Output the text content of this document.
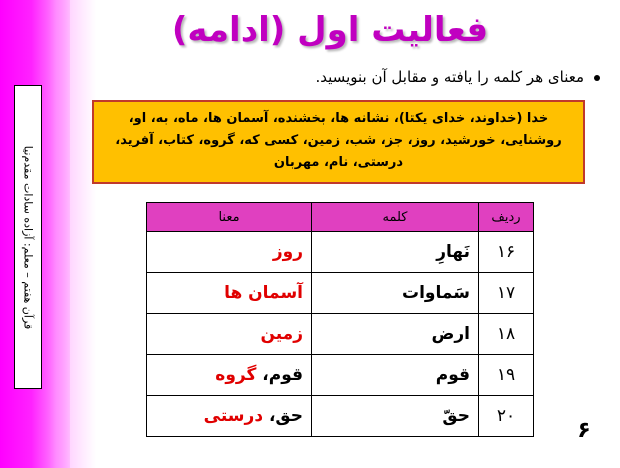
قرآن هفتم – معلم: آزاده سادات مقدم‌نیا
فعالیت اول (ادامه)
معنای هر کلمه را یافته و مقابل آن بنویسید.

خدا (خداوند، خدای یکتا)، نشانه ها، بخشنده، آسمان ها، ماه، به، او، روشنایی، خورشید، روز، جز، شب، زمین، کسی که، گروه، کتاب، آفرید، درستی، نام، مهربان

ردیف	کلمه	معنا
۱۶	نَهارِ	روز
۱۷	سَماوات	آسمان ها
۱۸	ارض	زمین
۱۹	قوم	قوم، گروه
۲۰	حقّ	حق، درستی
۶
